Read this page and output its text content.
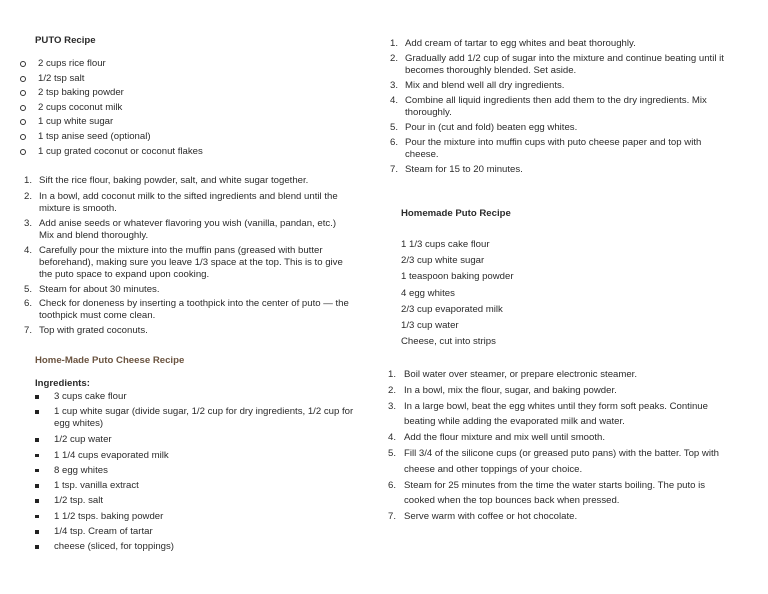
PUTO Recipe
2 cups rice flour
1/2 tsp salt
2 tsp baking powder
2 cups coconut milk
1 cup white sugar
1 tsp anise seed (optional)
1 cup grated coconut or coconut flakes
1. Sift the rice flour, baking powder, salt, and white sugar together.
2. In a bowl, add coconut milk to the sifted ingredients and blend until the mixture is smooth.
3. Add anise seeds or whatever flavoring you wish (vanilla, pandan, etc.) Mix and blend thoroughly.
4. Carefully pour the mixture into the muffin pans (greased with butter beforehand), making sure you leave 1/3 space at the top. This is to give the puto space to expand upon cooking.
5. Steam for about 30 minutes.
6. Check for doneness by inserting a toothpick into the center of puto — the toothpick must come clean.
7. Top with grated coconuts.
Home-Made Puto Cheese Recipe
Ingredients:
3 cups cake flour
1 cup white sugar (divide sugar, 1/2 cup for dry ingredients, 1/2 cup for egg whites)
1/2 cup water
1 1/4 cups evaporated milk
8 egg whites
1 tsp. vanilla extract
1/2 tsp. salt
1 1/2 tsps. baking powder
1/4 tsp. Cream of tartar
cheese (sliced, for toppings)
1. Add cream of tartar to egg whites and beat thoroughly.
2. Gradually add 1/2 cup of sugar into the mixture and continue beating until it becomes thoroughly blended. Set aside.
3. Mix and blend well all dry ingredients.
4. Combine all liquid ingredients then add them to the dry ingredients. Mix thoroughly.
5. Pour in (cut and fold) beaten egg whites.
6. Pour the mixture into muffin cups with puto cheese paper and top with cheese.
7. Steam for 15 to 20 minutes.
Homemade Puto Recipe
1 1/3 cups cake flour
2/3 cup white sugar
1 teaspoon baking powder
4 egg whites
2/3 cup evaporated milk
1/3 cup water
Cheese, cut into strips
1. Boil water over steamer, or prepare electronic steamer.
2. In a bowl, mix the flour, sugar, and baking powder.
3. In a large bowl, beat the egg whites until they form soft peaks. Continue beating while adding the evaporated milk and water.
4. Add the flour mixture and mix well until smooth.
5. Fill 3/4 of the silicone cups (or greased puto pans) with the batter. Top with cheese and other toppings of your choice.
6. Steam for 25 minutes from the time the water starts boiling. The puto is cooked when the top bounces back when pressed.
7. Serve warm with coffee or hot chocolate.
